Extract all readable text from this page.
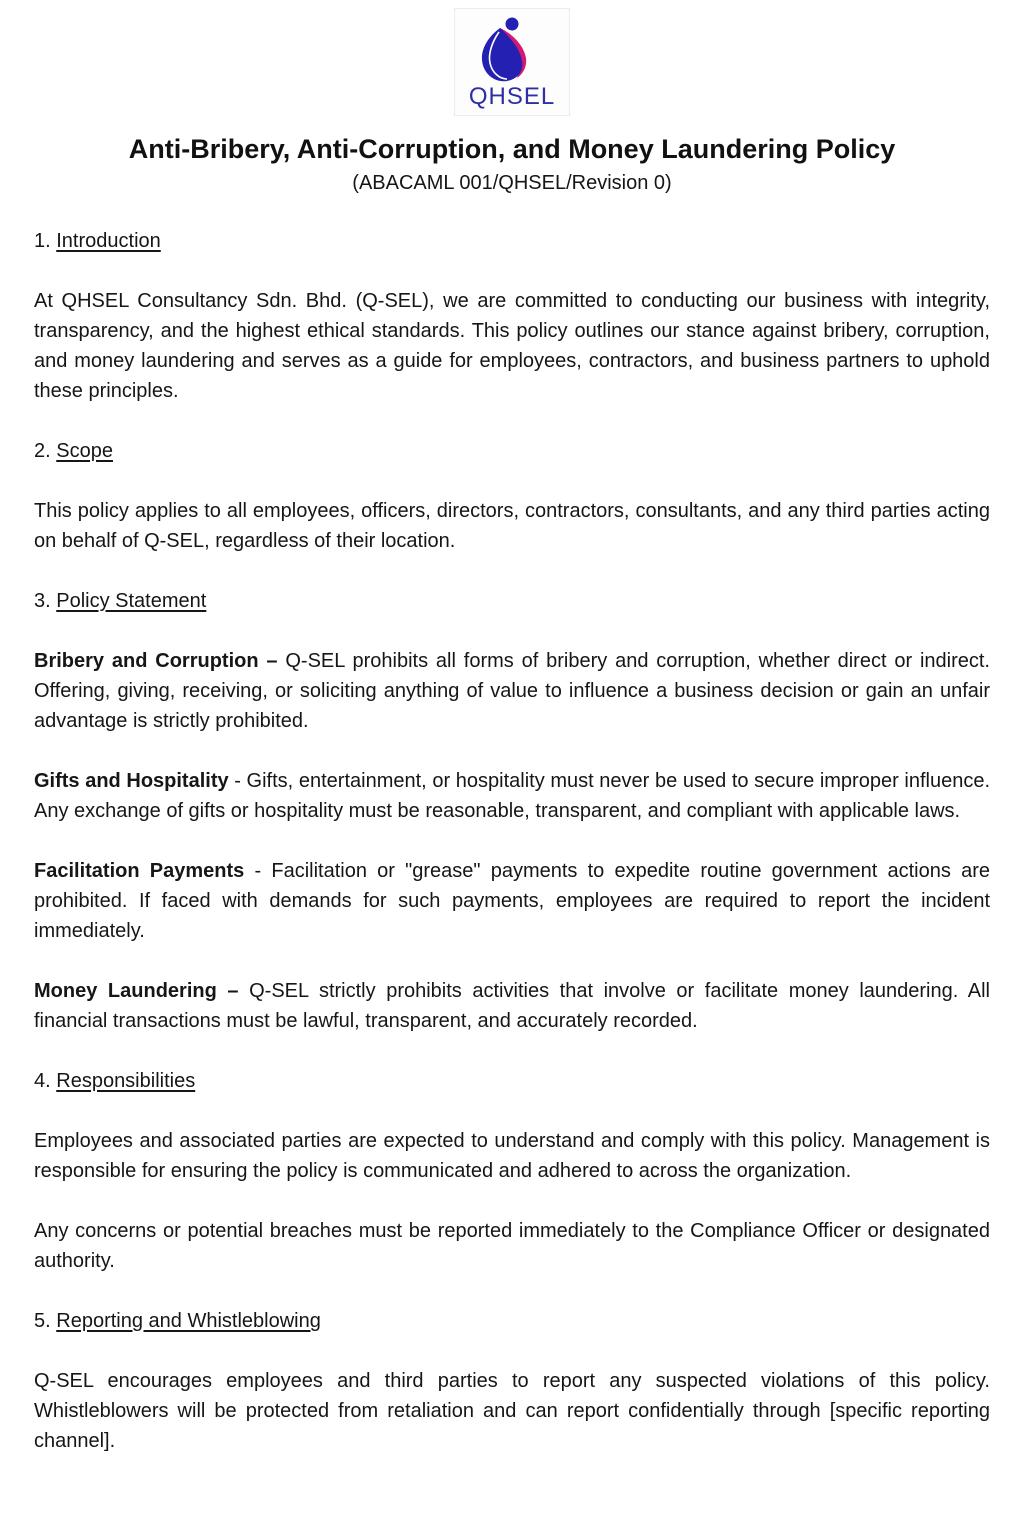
QHSEL
Anti-Bribery, Anti-Corruption, and Money Laundering Policy
(ABACAML 001/QHSEL/Revision 0)
1. Introduction

At QHSEL Consultancy Sdn. Bhd. (Q-SEL), we are committed to conducting our business with integrity, transparency, and the highest ethical standards. This policy outlines our stance against bribery, corruption, and money laundering and serves as a guide for employees, contractors, and business partners to uphold these principles.

2. Scope

This policy applies to all employees, officers, directors, contractors, consultants, and any third parties acting on behalf of Q-SEL, regardless of their location.

3. Policy Statement

Bribery and Corruption – Q-SEL prohibits all forms of bribery and corruption, whether direct or indirect. Offering, giving, receiving, or soliciting anything of value to influence a business decision or gain an unfair advantage is strictly prohibited.

Gifts and Hospitality - Gifts, entertainment, or hospitality must never be used to secure improper influence. Any exchange of gifts or hospitality must be reasonable, transparent, and compliant with applicable laws.

Facilitation Payments - Facilitation or "grease" payments to expedite routine government actions are prohibited. If faced with demands for such payments, employees are required to report the incident immediately.

Money Laundering – Q-SEL strictly prohibits activities that involve or facilitate money laundering. All financial transactions must be lawful, transparent, and accurately recorded.

4. Responsibilities

Employees and associated parties are expected to understand and comply with this policy. Management is responsible for ensuring the policy is communicated and adhered to across the organization.

Any concerns or potential breaches must be reported immediately to the Compliance Officer or designated authority.

5. Reporting and Whistleblowing

Q-SEL encourages employees and third parties to report any suspected violations of this policy. Whistleblowers will be protected from retaliation and can report confidentially through [specific reporting channel].
